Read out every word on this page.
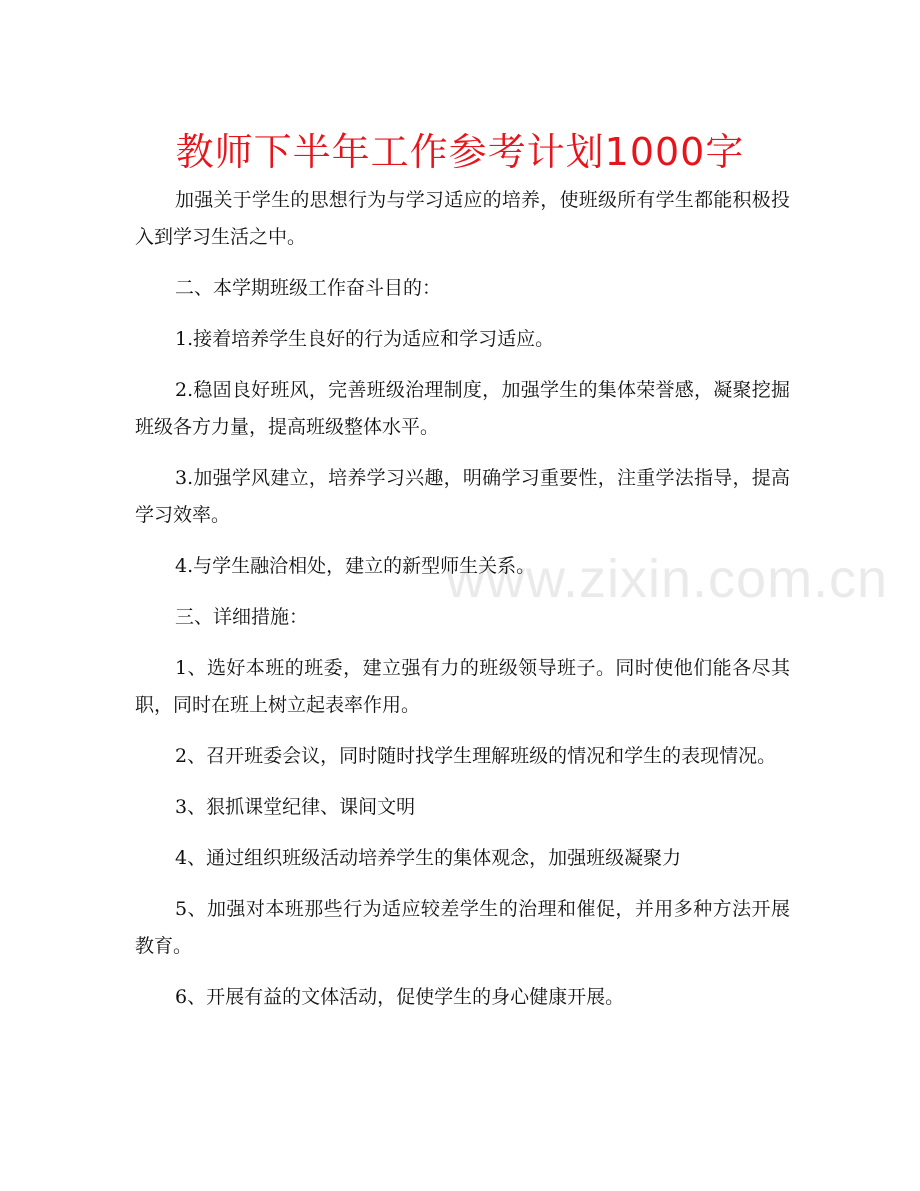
教师下半年工作参考计划1000字
www.zixin.com.cn

加强关于学生的思想行为与学习适应的培养，使班级所有学生都能积极投入到学习生活之中。

二、本学期班级工作奋斗目的：

1.接着培养学生良好的行为适应和学习适应。

2.稳固良好班风，完善班级治理制度，加强学生的集体荣誉感，凝聚挖掘班级各方力量，提高班级整体水平。

3.加强学风建立，培养学习兴趣，明确学习重要性，注重学法指导，提高学习效率。

4.与学生融洽相处，建立的新型师生关系。

三、详细措施：

1、选好本班的班委，建立强有力的班级领导班子。同时使他们能各尽其职，同时在班上树立起表率作用。

2、召开班委会议，同时随时找学生理解班级的情况和学生的表现情况。

3、狠抓课堂纪律、课间文明

4、通过组织班级活动培养学生的集体观念，加强班级凝聚力

5、加强对本班那些行为适应较差学生的治理和催促，并用多种方法开展教育。

6、开展有益的文体活动，促使学生的身心健康开展。
